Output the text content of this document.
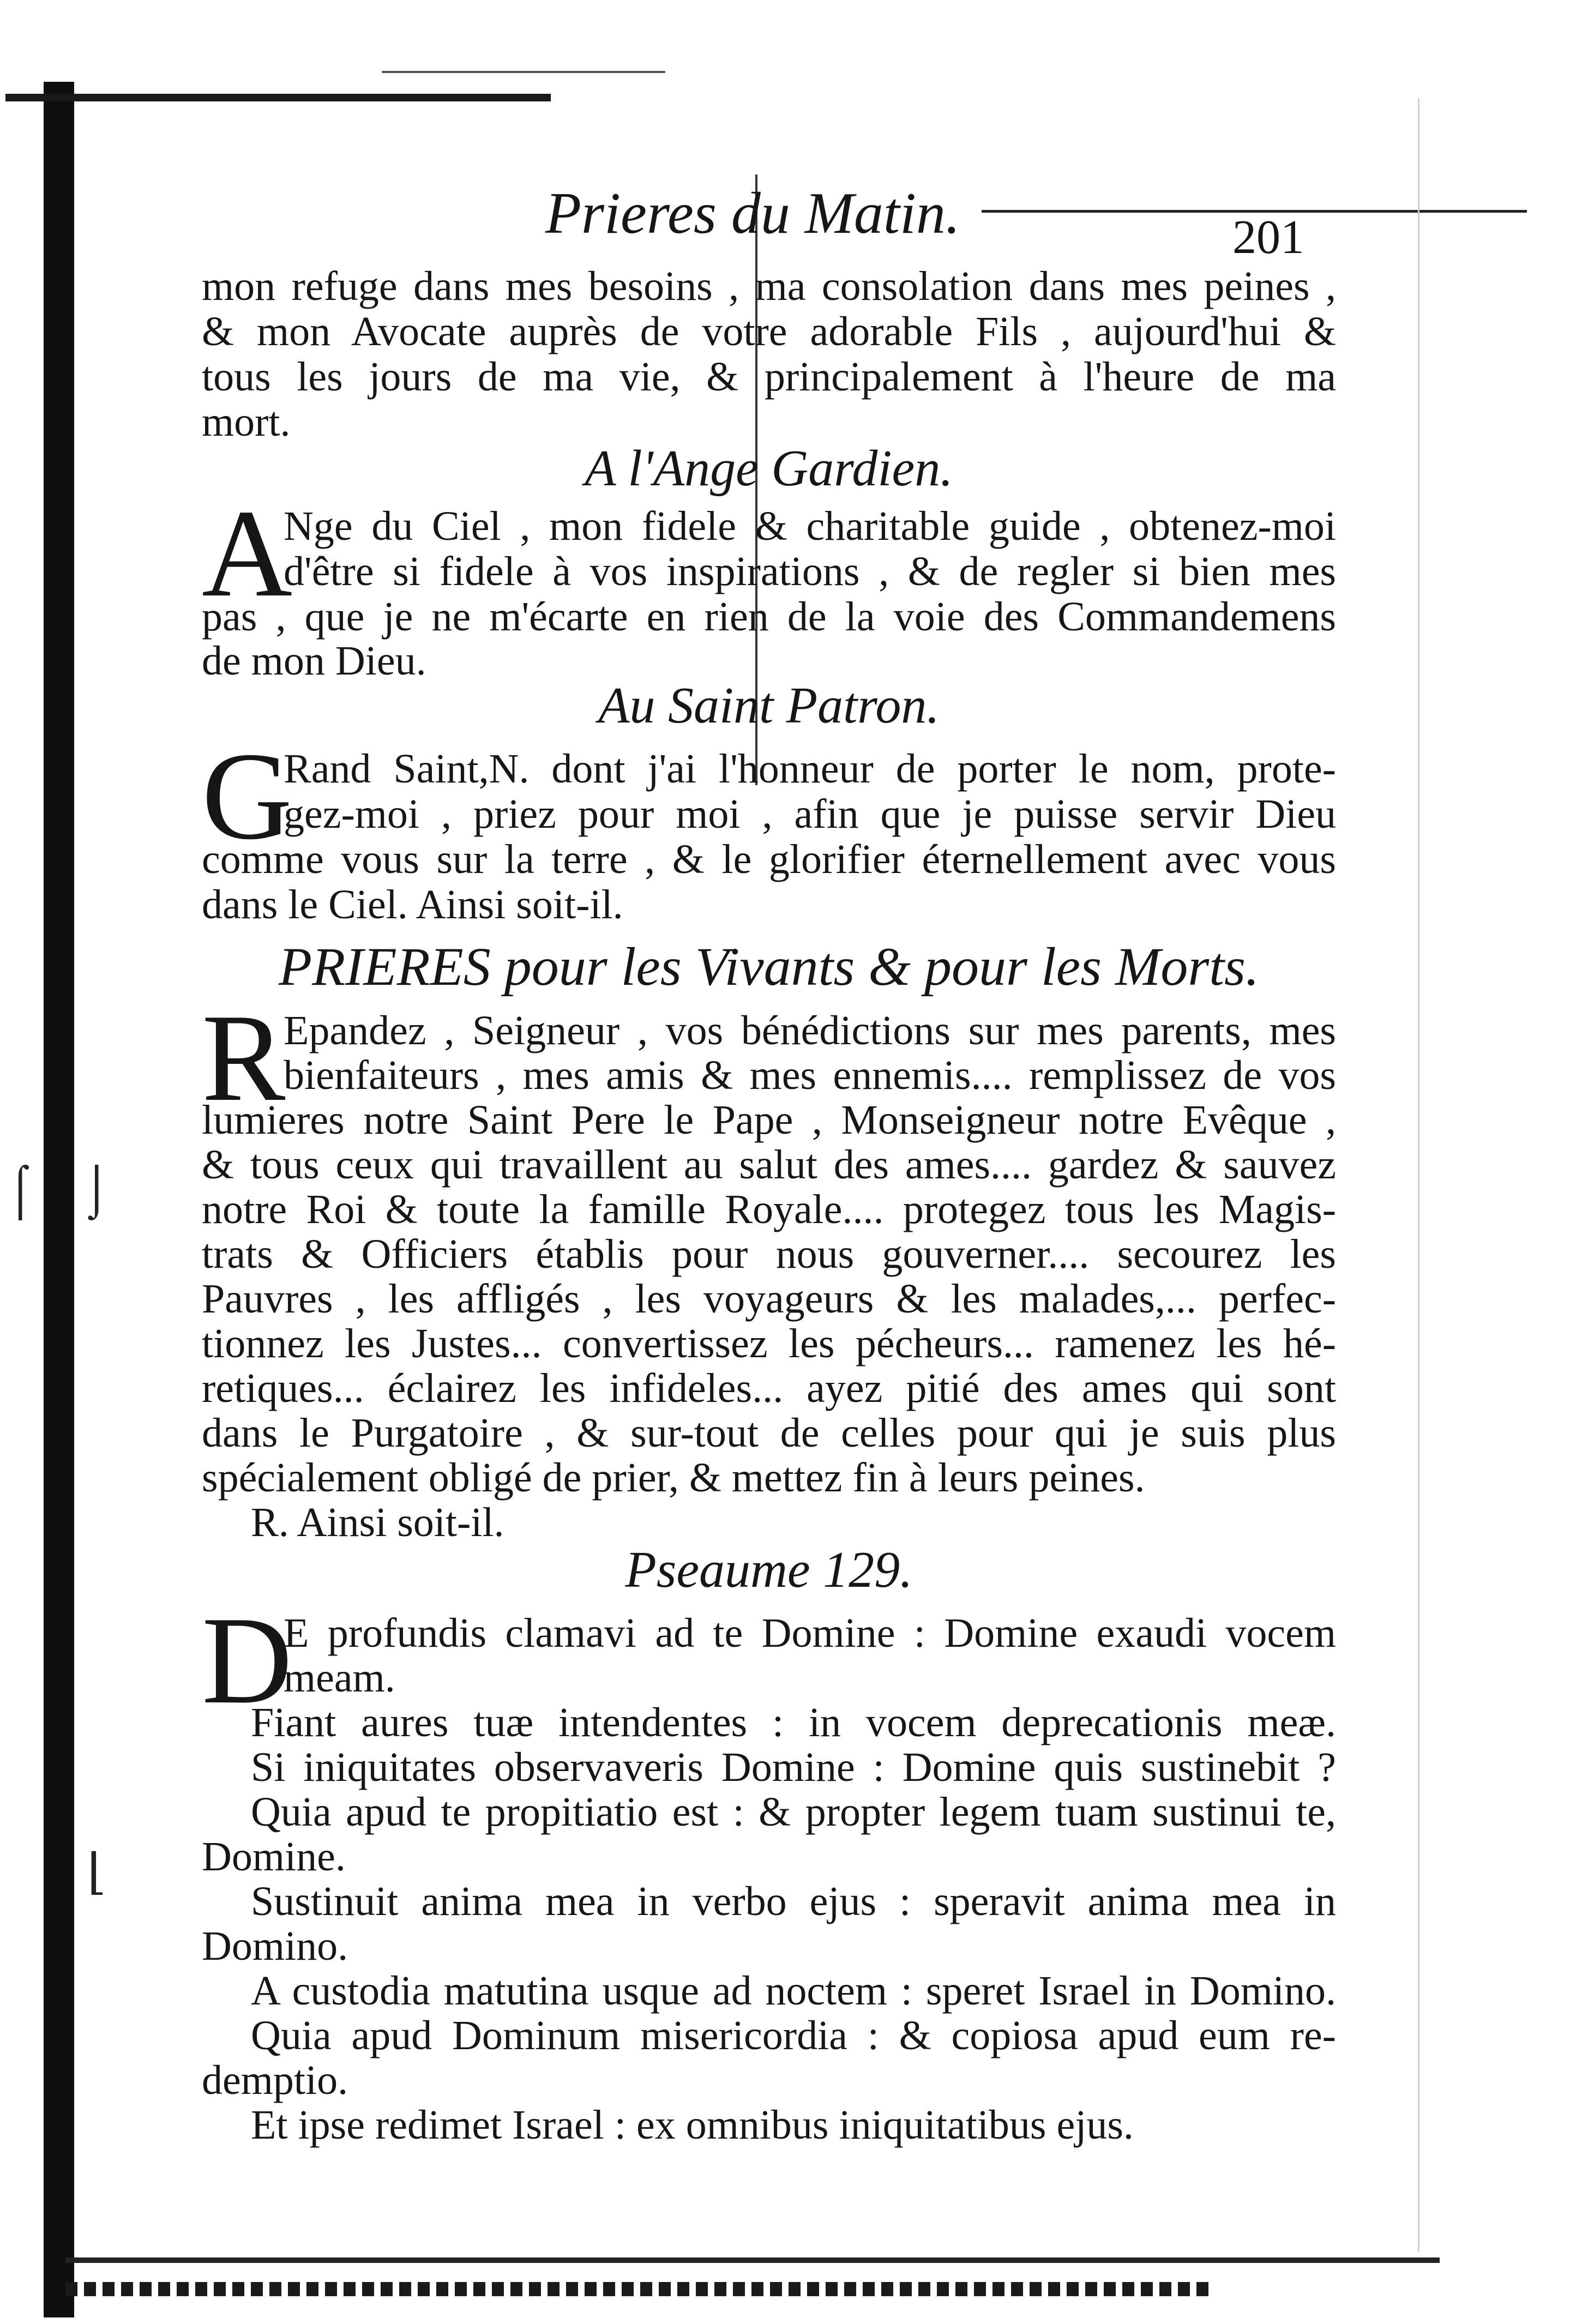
⌠ ⌡
⌊
Prieres du Matin.	201
mon refuge dans mes besoins , ma consolation dans mes peines ,
& mon Avocate auprès de votre adorable Fils , aujourd'hui &
tous les jours de ma vie, & principalement à l'heure de ma
mort.
A l'Ange Gardien.
A
Nge du Ciel , mon fidele & charitable guide , obtenez-moi
d'être si fidele à vos inspirations , & de regler si bien mes
pas , que je ne m'écarte en rien de la voie des Commandemens
de mon Dieu.
Au Saint Patron.
G
Rand Saint,N. dont j'ai l'honneur de porter le nom, prote-
gez-moi , priez pour moi , afin que je puisse servir Dieu
comme vous sur la terre , & le glorifier éternellement avec vous
dans le Ciel. Ainsi soit-il.
PRIERES pour les Vivants & pour les Morts.
R
Epandez , Seigneur , vos bénédictions sur mes parents, mes
bienfaiteurs , mes amis & mes ennemis.... remplissez de vos
lumieres notre Saint Pere le Pape , Monseigneur notre Evêque ,
& tous ceux qui travaillent au salut des ames.... gardez & sauvez
notre Roi & toute la famille Royale.... protegez tous les Magis-
trats & Officiers établis pour nous gouverner.... secourez les
Pauvres , les affligés , les voyageurs & les malades,... perfec-
tionnez les Justes... convertissez les pécheurs... ramenez les hé-
retiques... éclairez les infideles... ayez pitié des ames qui sont
dans le Purgatoire , & sur-tout de celles pour qui je suis plus
spécialement obligé de prier, & mettez fin à leurs peines.
R. Ainsi soit-il.
Pseaume 129.
D
E profundis clamavi ad te Domine : Domine exaudi vocem
meam.
Fiant aures tuæ intendentes : in vocem deprecationis meæ.
Si iniquitates observaveris Domine : Domine quis sustinebit ?
Quia apud te propitiatio est : & propter legem tuam sustinui te,
Domine.
Sustinuit anima mea in verbo ejus : speravit anima mea in
Domino.
A custodia matutina usque ad noctem : speret Israel in Domino.
Quia apud Dominum misericordia : & copiosa apud eum re-
demptio.
Et ipse redimet Israel : ex omnibus iniquitatibus ejus.
